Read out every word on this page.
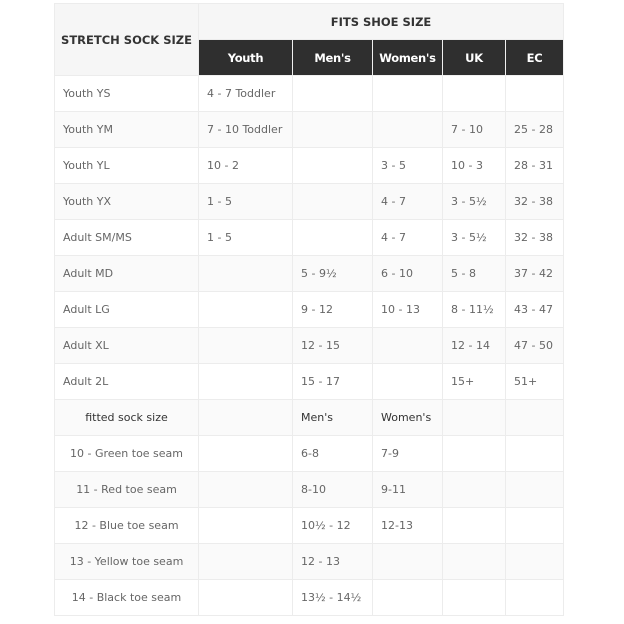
STRETCH SOCK SIZE	FITS SHOE SIZE				
	Youth	Men's	Women's	UK	EC
Youth YS	4 - 7 Toddler				
Youth YM	7 - 10 Toddler			7 - 10	25 - 28
Youth YL	10 - 2		3 - 5	10 - 3	28 - 31
Youth YX	1 - 5		4 - 7	3 - 5½	32 - 38
Adult SM/MS	1 - 5		4 - 7	3 - 5½	32 - 38
Adult MD		5 - 9½	6 - 10	5 - 8	37 - 42
Adult LG		9 - 12	10 - 13	8 - 11½	43 - 47
Adult XL		12 - 15		12 - 14	47 - 50
Adult 2L		15 - 17		15+	51+
fitted sock size		Men's	Women's		
10 - Green toe seam		6-8	7-9		
11 - Red toe seam		8-10	9-11		
12 - Blue toe seam		10½ - 12	12-13		
13 - Yellow toe seam		12 - 13			
14 - Black toe seam		13½ - 14½			
